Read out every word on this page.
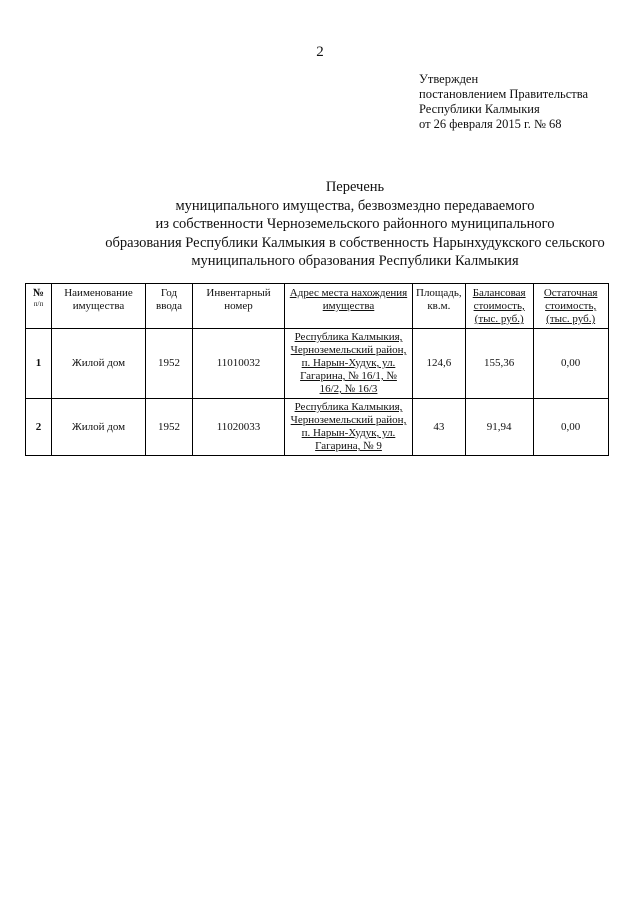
2
Утвержден
постановлением Правительства
Республики Калмыкия
от 26 февраля 2015 г. № 68
Перечень
муниципального имущества, безвозмездно передаваемого
из собственности Черноземельского районного муниципального
образования Республики Калмыкия в собственность Нарынхудукского сельского
муниципального образования Республики Калмыкия
№
п/п	Наименование имущества	Год ввода	Инвентарный номер	Адрес места нахождения имущества	Площадь, кв.м.	Балансовая стоимость, (тыс. руб.)	Остаточная стоимость, (тыс. руб.)
1	Жилой дом	1952	11010032	Республика Калмыкия, Черноземельский район, п. Нарын-Худук, ул. Гагарина, № 16/1, № 16/2, № 16/3	124,6	155,36	0,00
2	Жилой дом	1952	11020033	Республика Калмыкия, Черноземельский район, п. Нарын-Худук, ул. Гагарина, № 9	43	91,94	0,00
